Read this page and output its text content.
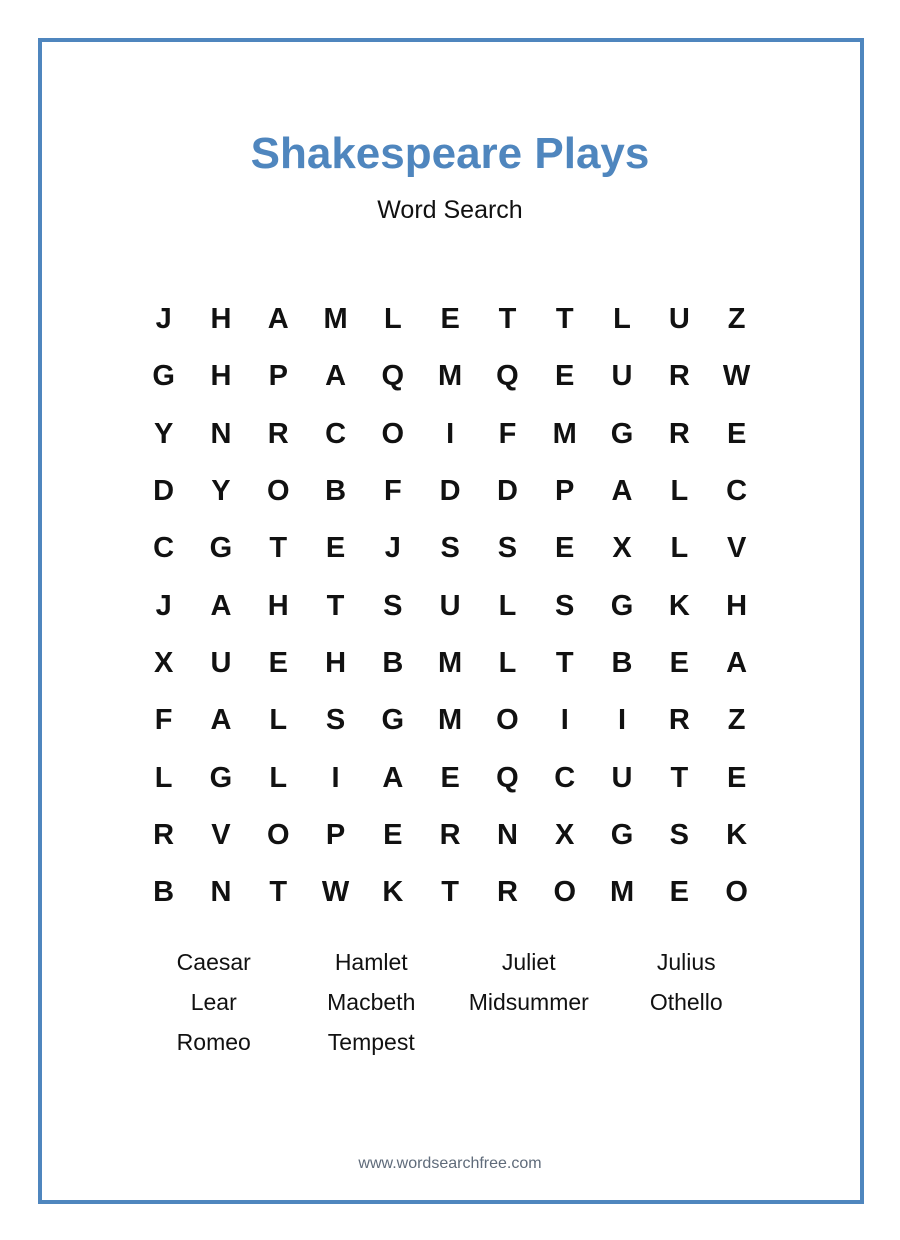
Shakespeare Plays
Word Search
J	H	A	M	L	E	T	T	L	U	Z
G	H	P	A	Q	M	Q	E	U	R	W
Y	N	R	C	O	I	F	M	G	R	E
D	Y	O	B	F	D	D	P	A	L	C
C	G	T	E	J	S	S	E	X	L	V
J	A	H	T	S	U	L	S	G	K	H
X	U	E	H	B	M	L	T	B	E	A
F	A	L	S	G	M	O	I	I	R	Z
L	G	L	I	A	E	Q	C	U	T	E
R	V	O	P	E	R	N	X	G	S	K
B	N	T	W	K	T	R	O	M	E	O
Caesar	Hamlet	Juliet	Julius
Lear	Macbeth	Midsummer	Othello
Romeo	Tempest
www.wordsearchfree.com
